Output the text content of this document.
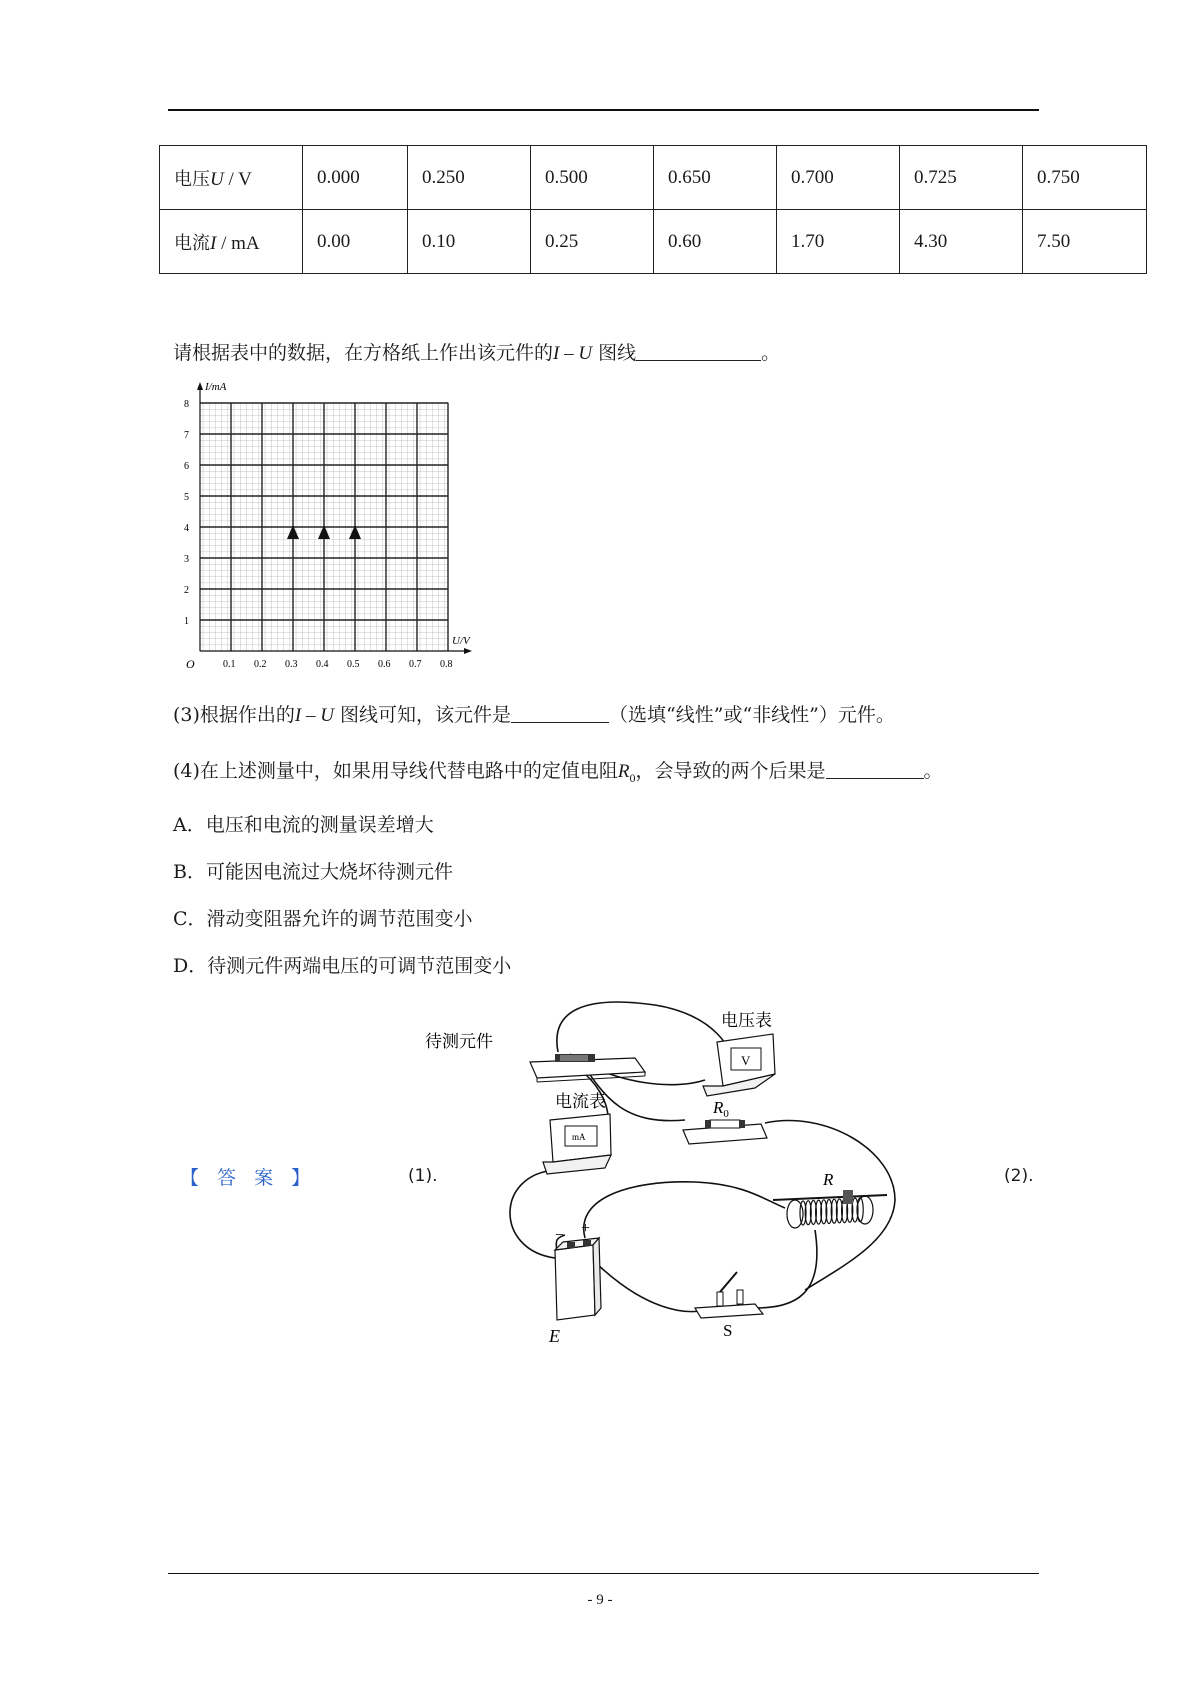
电压U / V	0.000	0.250	0.500	0.650	0.700	0.725	0.750
电流I / mA	0.00	0.10	0.25	0.60	1.70	4.30	7.50
请根据表中的数据，在方格纸上作出该元件的I – U 图线	。
I/mA
U/V
O
1
2
3
4
5
6
7
8
0.1 0.2 0.3 0.4 0.5 0.6 0.7 0.8
(3)根据作出的I – U 图线可知，该元件是	（选填“线性”或“非线性”）元件。
(4)在上述测量中，如果用导线代替电路中的定值电阻$R_0$，会导致的两个后果是	。
A．电压和电流的测量误差增大
B．可能因电流过大烧坏待测元件
C．滑动变阻器允许的调节范围变小
D．待测元件两端电压的可调节范围变小
【 答 案 】	(1).	(2).
待测元件
V
电压表
mA
电流表	$R_0$
R
− +
E	S
- 9 -
